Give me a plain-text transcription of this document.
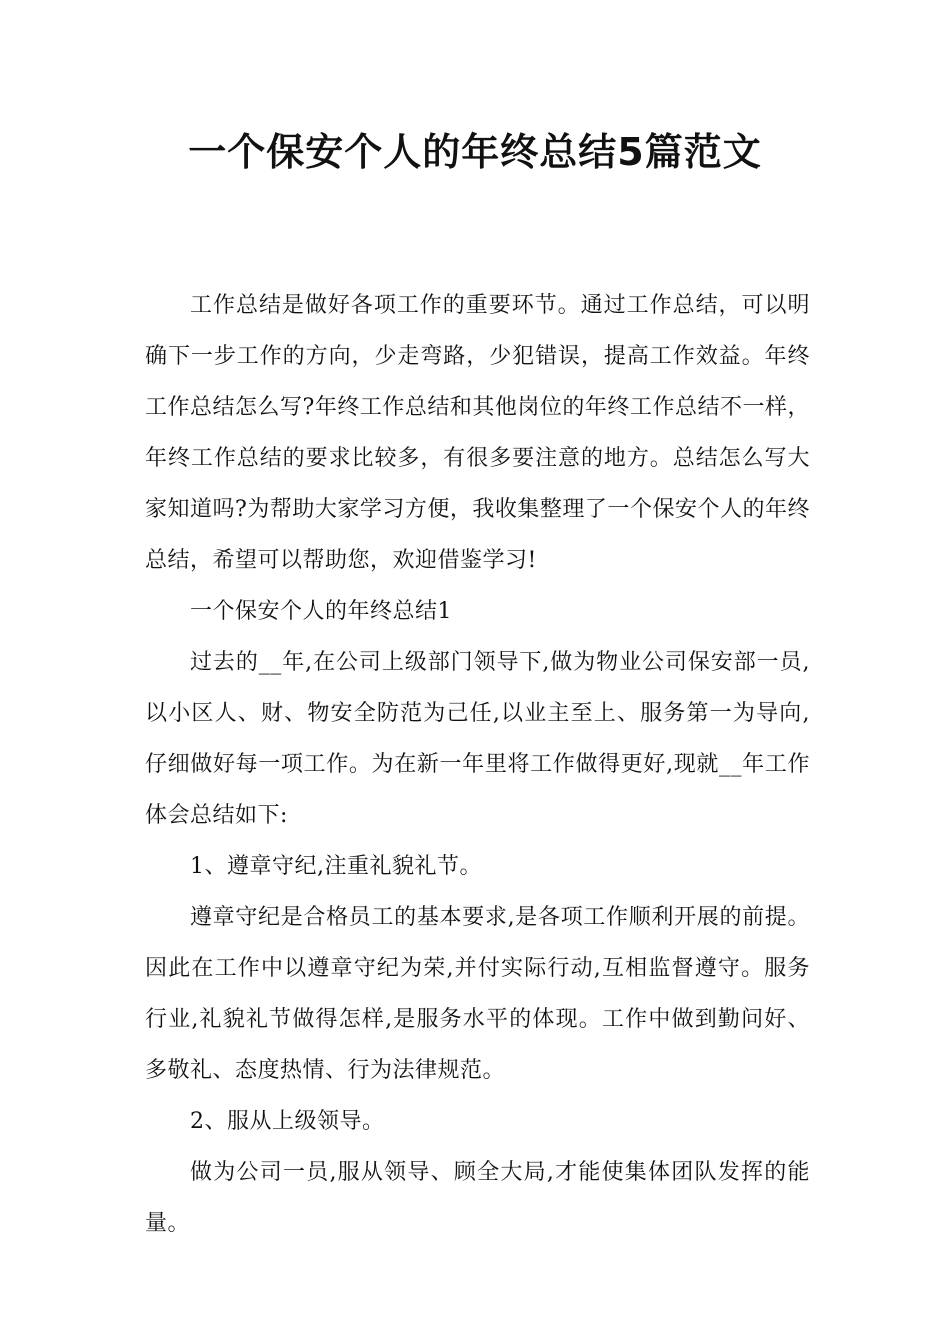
一个保安个人的年终总结5篇范文

工作总结是做好各项工作的重要环节。通过工作总结，可以明确下一步工作的方向，少走弯路，少犯错误，提高工作效益。年终工作总结怎么写?年终工作总结和其他岗位的年终工作总结不一样，年终工作总结的要求比较多，有很多要注意的地方。总结怎么写大家知道吗?为帮助大家学习方便，我收集整理了一个保安个人的年终总结，希望可以帮助您，欢迎借鉴学习!

一个保安个人的年终总结1

过去的__年,在公司上级部门领导下,做为物业公司保安部一员,以小区人、财、物安全防范为己任,以业主至上、服务第一为导向,仔细做好每一项工作。为在新一年里将工作做得更好,现就__年工作体会总结如下:

1、遵章守纪,注重礼貌礼节。

遵章守纪是合格员工的基本要求,是各项工作顺利开展的前提。因此在工作中以遵章守纪为荣,并付实际行动,互相监督遵守。服务行业,礼貌礼节做得怎样,是服务水平的体现。工作中做到勤问好、多敬礼、态度热情、行为法律规范。

2、服从上级领导。

做为公司一员,服从领导、顾全大局,才能使集体团队发挥的能量。
